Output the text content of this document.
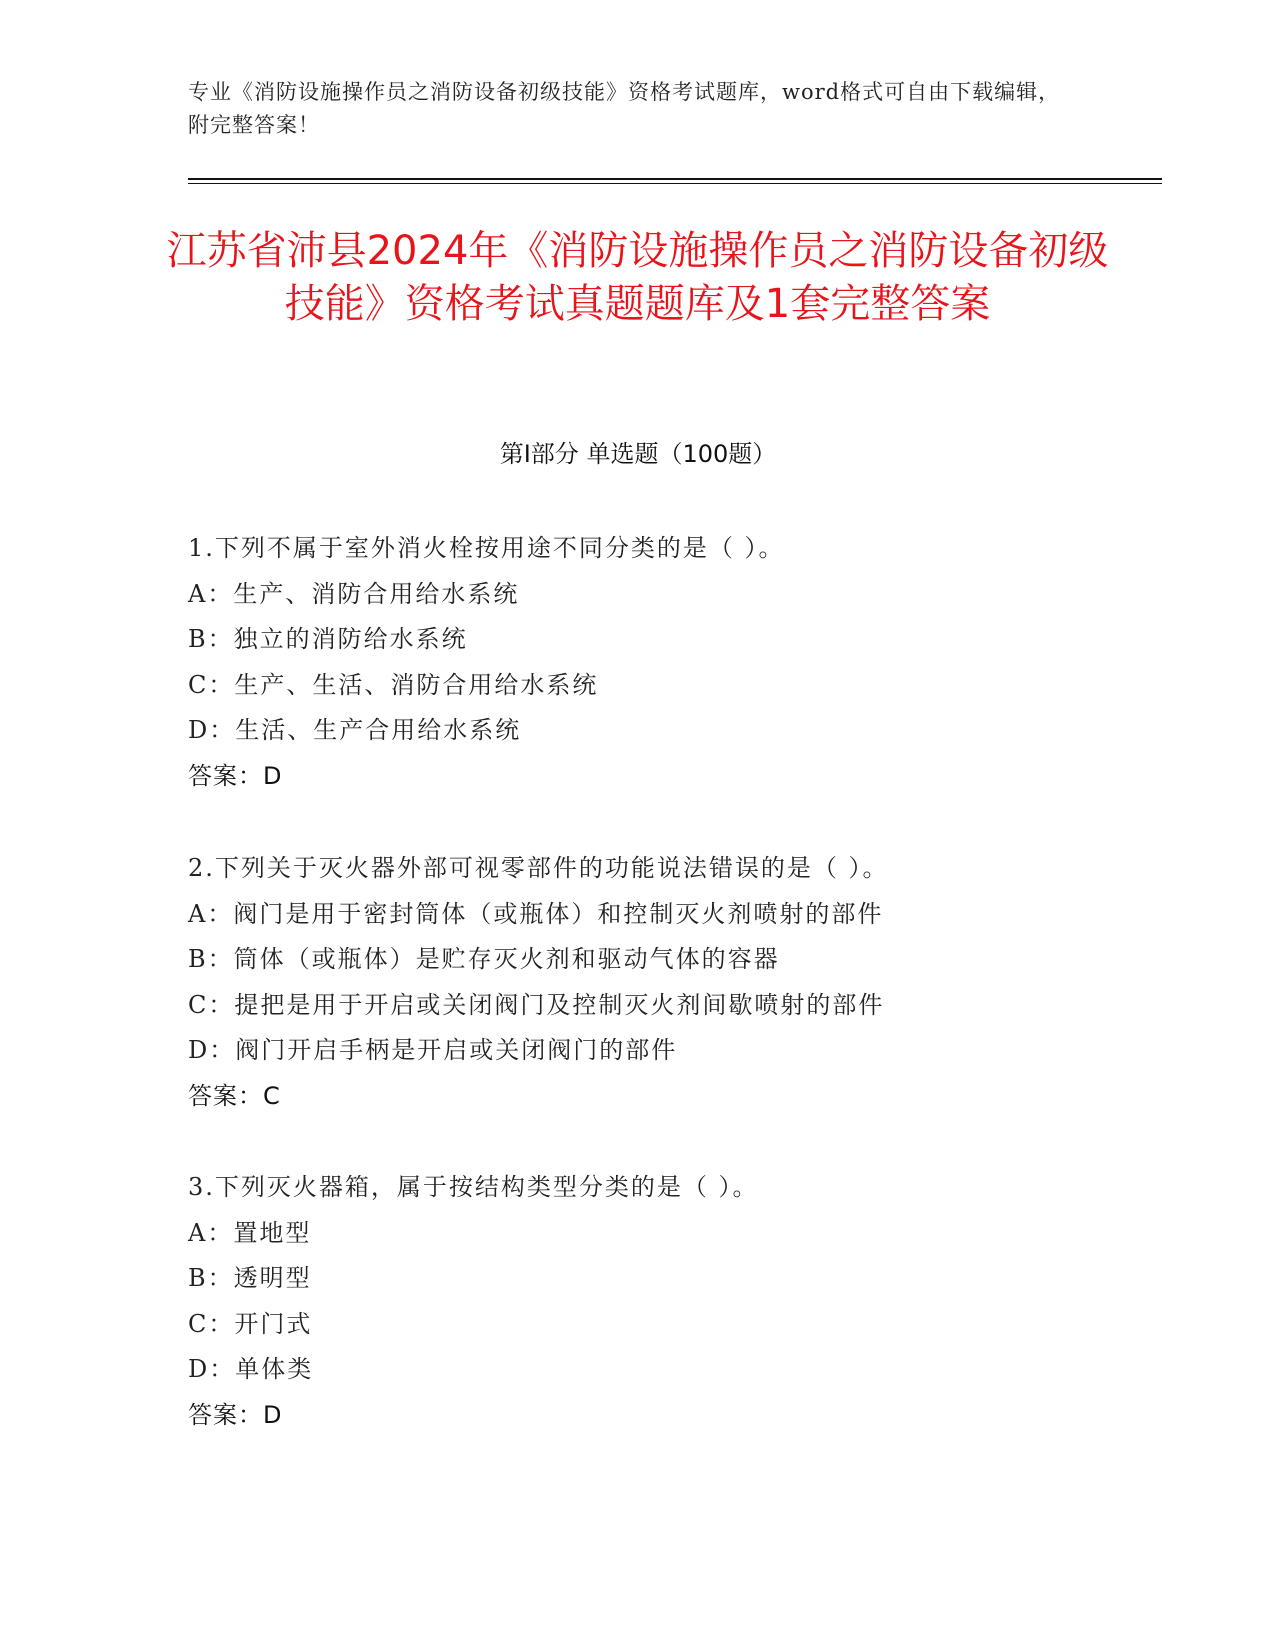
专业《消防设施操作员之消防设备初级技能》资格考试题库，word格式可自由下载编辑，附完整答案！
江苏省沛县2024年《消防设施操作员之消防设备初级技能》资格考试真题题库及1套完整答案
第I部分 单选题（100题）
1.下列不属于室外消火栓按用途不同分类的是（ ）。
A：生产、消防合用给水系统
B：独立的消防给水系统
C：生产、生活、消防合用给水系统
D：生活、生产合用给水系统
答案：D
2.下列关于灭火器外部可视零部件的功能说法错误的是（ ）。
A：阀门是用于密封筒体（或瓶体）和控制灭火剂喷射的部件
B：筒体（或瓶体）是贮存灭火剂和驱动气体的容器
C：提把是用于开启或关闭阀门及控制灭火剂间歇喷射的部件
D：阀门开启手柄是开启或关闭阀门的部件
答案：C
3.下列灭火器箱，属于按结构类型分类的是（ ）。
A：置地型
B：透明型
C：开门式
D：单体类
答案：D
